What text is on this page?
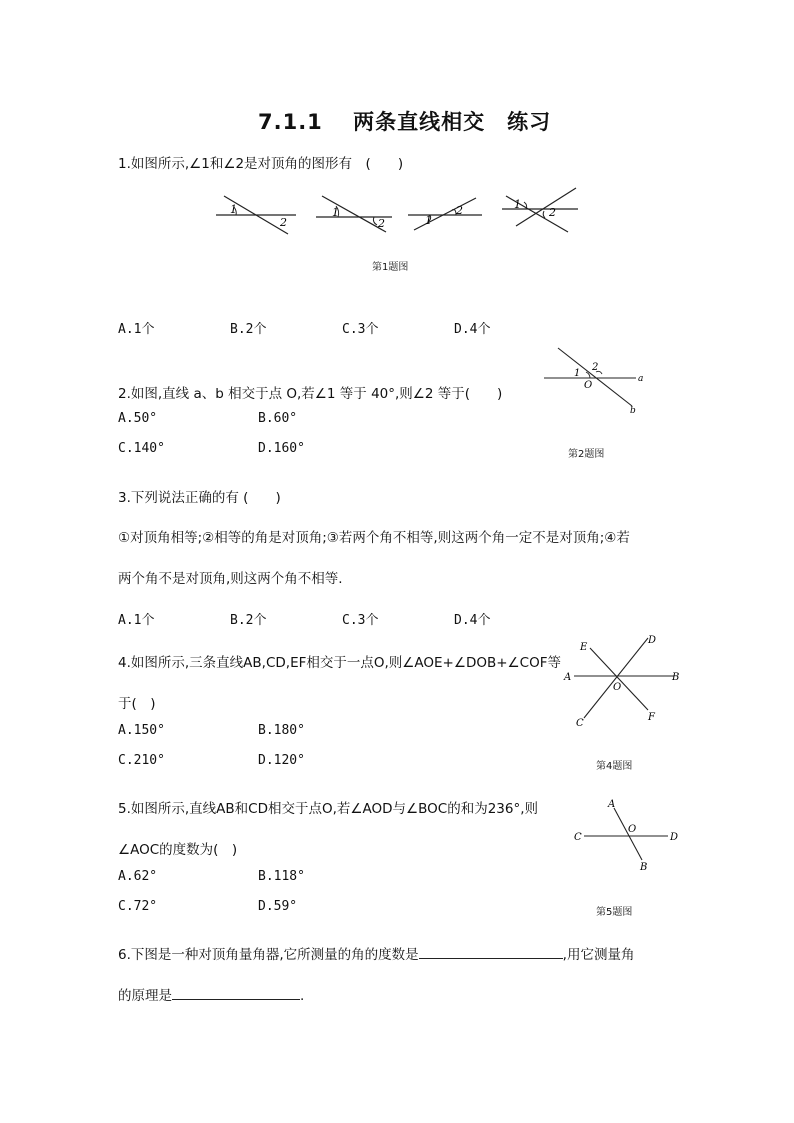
7.1.1　 两条直线相交　练习
1.如图所示,∠1和∠2是对顶角的图形有　(　　)
1
2
1
2	1
2	1
2
第1题图
A.1个	B.2个	C.3个	D.4个
1
2
O
a
b
2.如图,直线 a、b 相交于点 O,若∠1 等于 40°,则∠2 等于(　　)
A.50°	B.60°
C.140°	D.160°	第2题图
3.下列说法正确的有 (　　)
①对顶角相等;②相等的角是对顶角;③若两个角不相等,则这两个角一定不是对顶角;④若
两个角不是对顶角,则这两个角不相等.
A.1个	B.2个	C.3个	D.4个
4.如图所示,三条直线AB,CD,EF相交于一点O,则∠AOE+∠DOB+∠COF等
于(　)
A	B
C
D
E
F
O
A.150°	B.180°
C.210°	D.120°	第4题图
5.如图所示,直线AB和CD相交于点O,若∠AOD与∠BOC的和为236°,则	A
B
C	D
O
∠AOC的度数为(　)
A.62°	B.118°
C.72°	D.59°	第5题图
6.下图是一种对顶角量角器,它所测量的角的度数是	,用它测量角
的原理是	.
